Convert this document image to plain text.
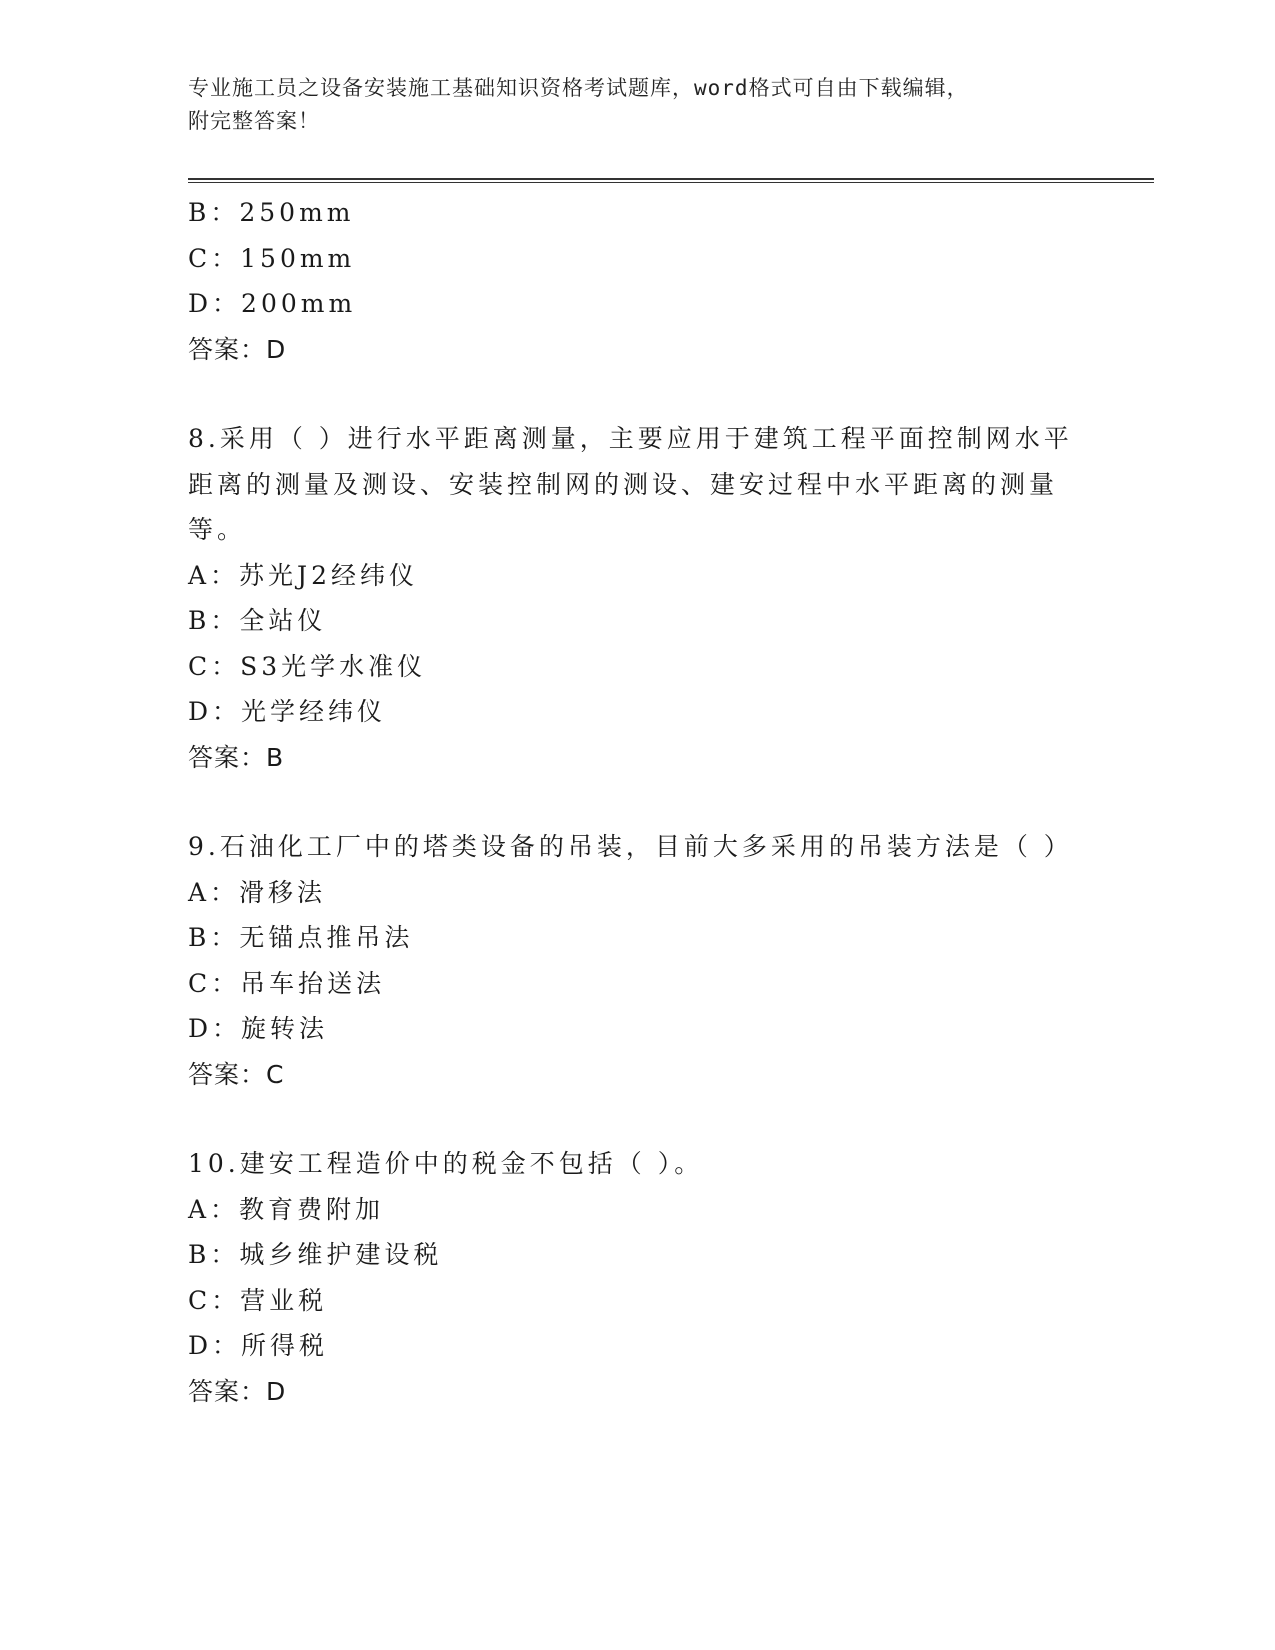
专业施工员之设备安装施工基础知识资格考试题库，word格式可自由下载编辑，
附完整答案！
B：250mm
C：150mm
D：200mm
答案：D
8.采用（ ）进行水平距离测量，主要应用于建筑工程平面控制网水平
距离的测量及测设、安装控制网的测设、建安过程中水平距离的测量
等。
A：苏光J2经纬仪
B：全站仪
C：S3光学水准仪
D：光学经纬仪
答案：B
9.石油化工厂中的塔类设备的吊装，目前大多采用的吊装方法是（ ）
A：滑移法
B：无锚点推吊法
C：吊车抬送法
D：旋转法
答案：C
10.建安工程造价中的税金不包括（ ）。
A：教育费附加
B：城乡维护建设税
C：营业税
D：所得税
答案：D
